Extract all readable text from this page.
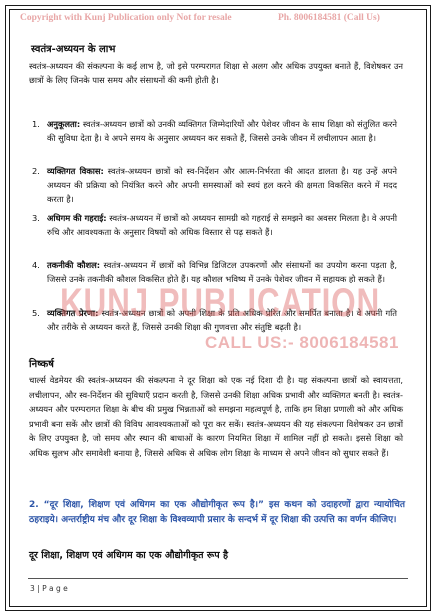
Copyright with Kunj Publication only Not for resale	Ph. 8006184581 (Call Us)
स्वतंत्र-अध्ययन के लाभ
स्वतंत्र-अध्ययन की संकल्पना के कई लाभ है, जो इसे परम्परागत शिक्षा से अलग और अधिक उपयुक्त बनाते हैं, विशेषकर उन छात्रों के लिए जिनके पास समय और संसाधनों की कमी होती है।
1. अनुकूलता: स्वतंत्र-अध्ययन छात्रों को उनकी व्यक्तिगत जिम्मेदारियों और पेशेवर जीवन के साथ शिक्षा को संतुलित करने की सुविधा देता है। वे अपने समय के अनुसार अध्ययन कर सकते हैं, जिससे उनके जीवन में लचीलापन आता है।
2. व्यक्तिगत विकास: स्वतंत्र-अध्ययन छात्रों को स्व-निर्देशन और आत्म-निर्भरता की आदत डालता है। यह उन्हें अपने अध्ययन की प्रक्रिया को नियंत्रित करने और अपनी समस्याओं को स्वयं हल करने की क्षमता विकसित करने में मदद करता है।
3. अधिगम की गहराई: स्वतंत्र-अध्ययन में छात्रों को अध्ययन सामग्री को गहराई से समझने का अवसर मिलता है। वे अपनी रुचि और आवश्यकता के अनुसार विषयों को अधिक विस्तार से पढ़ सकते हैं।
4. तकनीकी कौशल: स्वतंत्र-अध्ययन में छात्रों को विभिन्न डिजिटल उपकरणों और संसाधनों का उपयोग करना पड़ता है, जिससे उनके तकनीकी कौशल विकसित होते हैं। यह कौशल भविष्य में उनके पेशेवर जीवन में सहायक हो सकते हैं।
5. व्यक्तिगत प्रेरणा: स्वतंत्र-अध्ययन छात्रों को अपनी शिक्षा के प्रति अधिक प्रेरित और समर्पित बनाता है। वे अपनी गति और तरीके से अध्ययन करते हैं, जिससे उनकी शिक्षा की गुणवत्ता और संतुष्टि बढ़ती है।
KUNJ PUBLICATION
CALL US:- 8006184581
निष्कर्ष
चार्ल्स वेडमेयर की स्वतंत्र-अध्ययन की संकल्पना ने दूर शिक्षा को एक नई दिशा दी है। यह संकल्पना छात्रों को स्वायत्तता, लचीलापन, और स्व-निर्देशन की सुविधाएँ प्रदान करती है, जिससे उनकी शिक्षा अधिक प्रभावी और व्यक्तिगत बनती है। स्वतंत्र-अध्ययन और परम्परागत शिक्षा के बीच की प्रमुख भिन्नताओं को समझना महत्वपूर्ण है, ताकि हम शिक्षा प्रणाली को और अधिक प्रभावी बना सकें और छात्रों की विविध आवश्यकताओं को पूरा कर सकें। स्वतंत्र-अध्ययन की यह संकल्पना विशेषकर उन छात्रों के लिए उपयुक्त है, जो समय और स्थान की बाधाओं के कारण नियमित शिक्षा में शामिल नहीं हो सकते। इससे शिक्षा को अधिक सुलभ और समावेशी बनाया है, जिससे अधिक से अधिक लोग शिक्षा के माध्यम से अपने जीवन को सुधार सकते हैं।
2. “दूर शिक्षा, शिक्षण एवं अधिगम का एक औद्योगीकृत रूप है।” इस कथन को उदाहरणों द्वारा न्यायोचित ठहराइये। अन्तर्राष्ट्रीय मंच और दूर शिक्षा के विश्वव्यापी प्रसार के सन्दर्भ में दूर शिक्षा की उत्पत्ति का वर्णन कीजिए।
दूर शिक्षा, शिक्षण एवं अधिगम का एक औद्योगीकृत रूप है
3 | P a g e
